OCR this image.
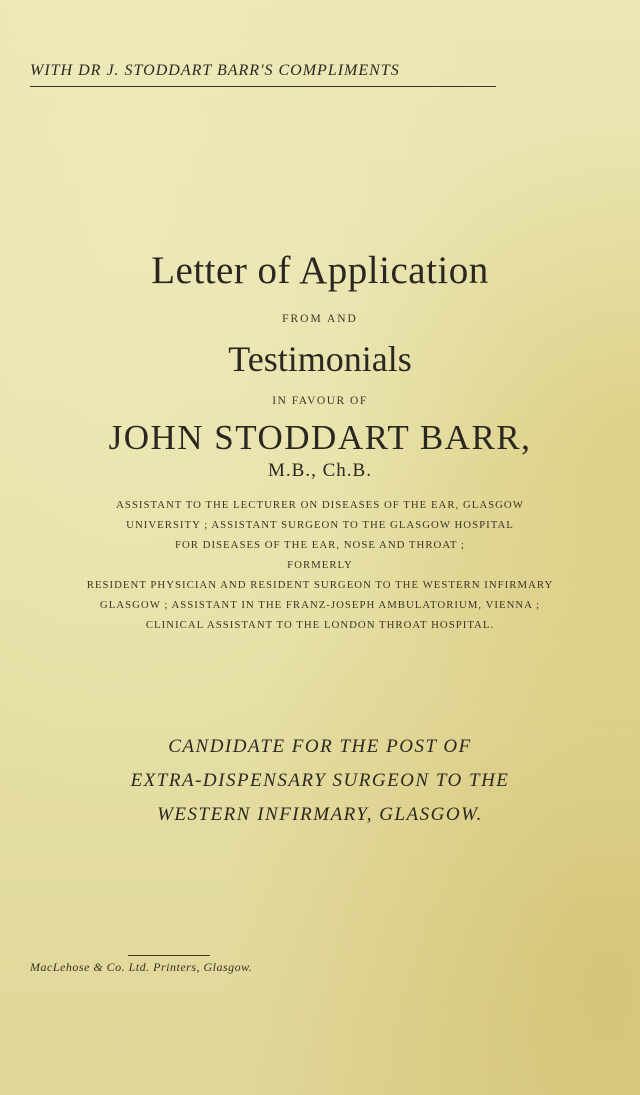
WITH DR J. STODDART BARR'S COMPLIMENTS
Letter of Application
FROM AND
Testimonials
IN FAVOUR OF
JOHN STODDART BARR,
M.B., Ch.B.
ASSISTANT TO THE LECTURER ON DISEASES OF THE EAR, GLASGOW
UNIVERSITY ; ASSISTANT SURGEON TO THE GLASGOW HOSPITAL
FOR DISEASES OF THE EAR, NOSE AND THROAT ;
FORMERLY
RESIDENT PHYSICIAN AND RESIDENT SURGEON TO THE WESTERN INFIRMARY
GLASGOW ; ASSISTANT IN THE FRANZ-JOSEPH AMBULATORIUM, VIENNA ;
CLINICAL ASSISTANT TO THE LONDON THROAT HOSPITAL.
CANDIDATE FOR THE POST OF
EXTRA-DISPENSARY SURGEON TO THE
WESTERN INFIRMARY, GLASGOW.
MacLehose & Co. Ltd. Printers, Glasgow.
